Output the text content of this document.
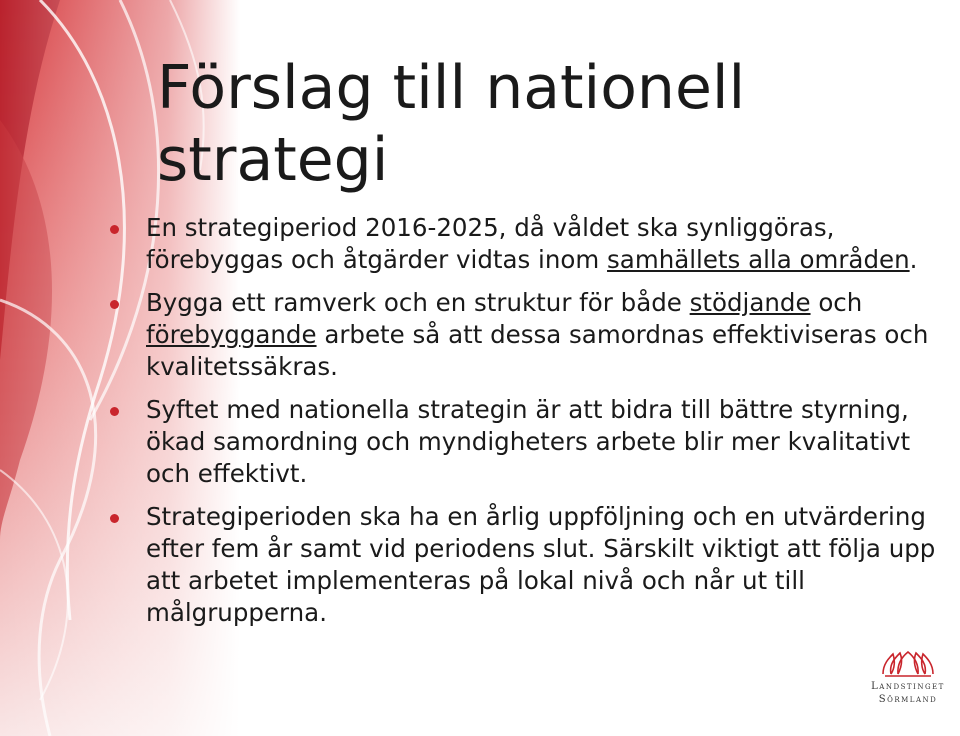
Förslag till nationell strategi
En strategiperiod 2016-2025, då våldet ska synliggöras, förebyggas och åtgärder vidtas inom samhällets alla områden.
Bygga ett ramverk och en struktur för både stödjande och förebyggande arbete så att dessa samordnas effektiviseras och kvalitetssäkras.
Syftet med nationella strategin är att bidra till bättre styrning, ökad samordning och myndigheters arbete blir mer kvalitativt och effektivt.
Strategiperioden ska ha en årlig uppföljning och en utvärdering efter fem år samt vid periodens slut. Särskilt viktigt att följa upp att arbetet implementeras på lokal nivå och når ut till målgrupperna.
Landstinget
Sörmland
